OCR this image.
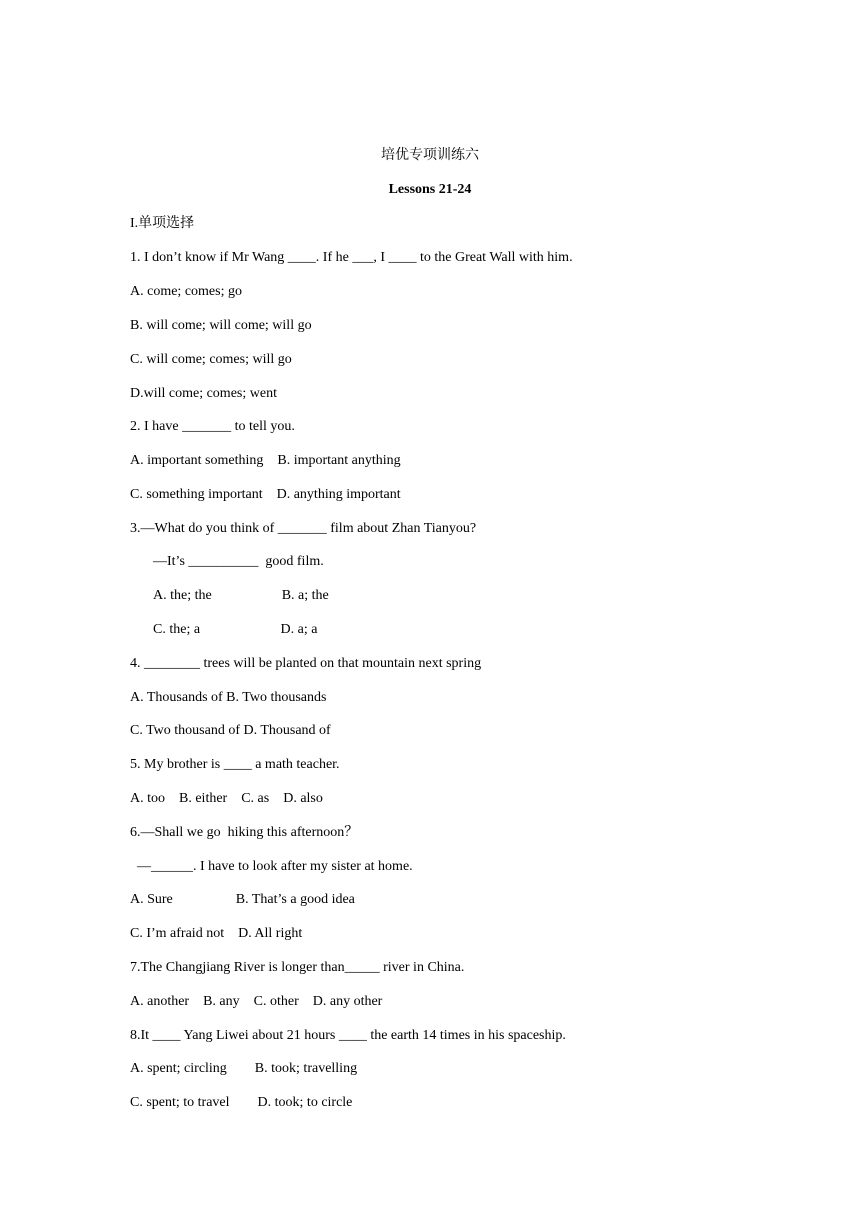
培优专项训练六
Lessons 21-24
I.单项选择
1. I don’t know if Mr Wang ____. If he ___, I ____ to the Great Wall with him.
A. come; comes; go
B. will come; will come; will go
C. will come; comes; will go
D.will come; comes; went
2. I have _______ to tell you.
A. important something    B. important anything
C. something important    D. anything important
3.—What do you think of _______ film about Zhan Tianyou?
—It’s __________  good film.
A. the; the                    B. a; the
C. the; a                       D. a; a
4. ________ trees will be planted on that mountain next spring
A. Thousands of B. Two thousands
C. Two thousand of D. Thousand of
5. My brother is ____ a math teacher.
A. too    B. either    C. as    D. also
6.—Shall we go  hiking this afternoon？
—______. I have to look after my sister at home.
A. Sure                  B. That’s a good idea
C. I’m afraid not    D. All right
7.The Changjiang River is longer than_____ river in China.
A. another    B. any    C. other    D. any other
8.It ____ Yang Liwei about 21 hours ____ the earth 14 times in his spaceship.
A. spent; circling        B. took; travelling
C. spent; to travel        D. took; to circle
